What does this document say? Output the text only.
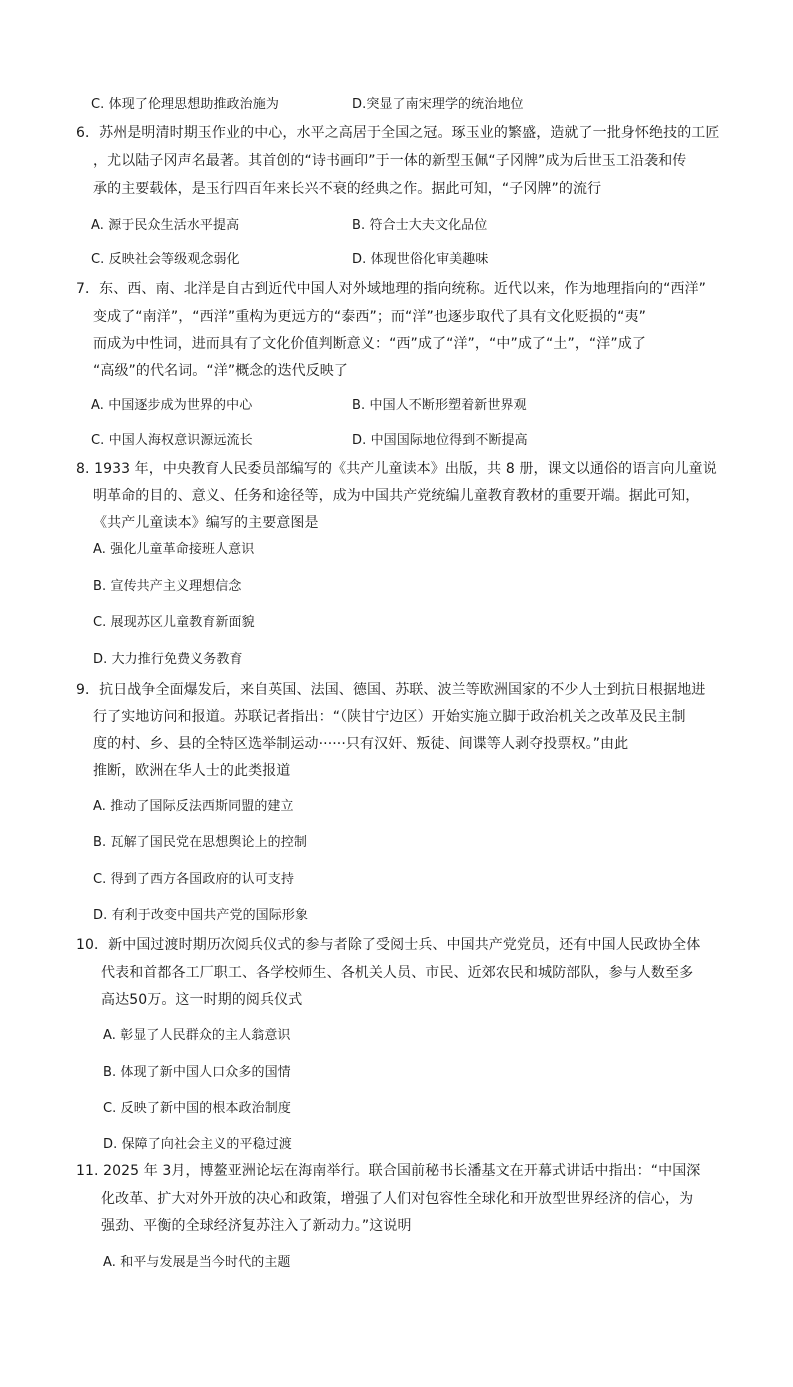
C. 体现了伦理思想助推政治施为	D.突显了南宋理学的统治地位
6．苏州是明清时期玉作业的中心，水平之高居于全国之冠。琢玉业的繁盛，造就了一批身怀绝技的工匠
，尤以陆子冈声名最著。其首创的“诗书画印”于一体的新型玉佩“子冈牌”成为后世玉工沿袭和传
承的主要载体，是玉行四百年来长兴不衰的经典之作。据此可知，“子冈牌”的流行
A. 源于民众生活水平提高	B. 符合士大夫文化品位
C. 反映社会等级观念弱化	D. 体现世俗化审美趣味
7．东、西、南、北洋是自古到近代中国人对外域地理的指向统称。近代以来，作为地理指向的“西洋”
变成了“南洋”，“西洋”重构为更远方的“泰西”；而“洋”也逐步取代了具有文化贬损的“夷”
而成为中性词，进而具有了文化价值判断意义：“西”成了“洋”，“中”成了“土”，“洋”成了
“高级”的代名词。“洋”概念的迭代反映了
A. 中国逐步成为世界的中心	B. 中国人不断形塑着新世界观
C. 中国人海权意识源远流长	D. 中国国际地位得到不断提高
8. 1933 年，中央教育人民委员部编写的《共产儿童读本》出版，共 8 册，课文以通俗的语言向儿童说
明革命的目的、意义、任务和途径等，成为中国共产党统编儿童教育教材的重要开端。据此可知，
《共产儿童读本》编写的主要意图是
A. 强化儿童革命接班人意识
B. 宣传共产主义理想信念
C. 展现苏区儿童教育新面貌
D. 大力推行免费义务教育
9．抗日战争全面爆发后，来自英国、法国、德国、苏联、波兰等欧洲国家的不少人士到抗日根据地进
行了实地访问和报道。苏联记者指出：“（陕甘宁边区）开始实施立脚于政治机关之改革及民主制
度的村、乡、县的全特区选举制运动······只有汉奸、叛徒、间谍等人剥夺投票权。”由此
推断，欧洲在华人士的此类报道
A. 推动了国际反法西斯同盟的建立
B. 瓦解了国民党在思想舆论上的控制
C. 得到了西方各国政府的认可支持
D. 有利于改变中国共产党的国际形象
10．新中国过渡时期历次阅兵仪式的参与者除了受阅士兵、中国共产党党员，还有中国人民政协全体
代表和首都各工厂职工、各学校师生、各机关人员、市民、近郊农民和城防部队，参与人数至多
高达50万。这一时期的阅兵仪式
A. 彰显了人民群众的主人翁意识
B. 体现了新中国人口众多的国情
C. 反映了新中国的根本政治制度
D. 保障了向社会主义的平稳过渡
11. 2025 年 3月，博鳌亚洲论坛在海南举行。联合国前秘书长潘基文在开幕式讲话中指出：“中国深
化改革、扩大对外开放的决心和政策，增强了人们对包容性全球化和开放型世界经济的信心，为
强劲、平衡的全球经济复苏注入了新动力。”这说明
A. 和平与发展是当今时代的主题
